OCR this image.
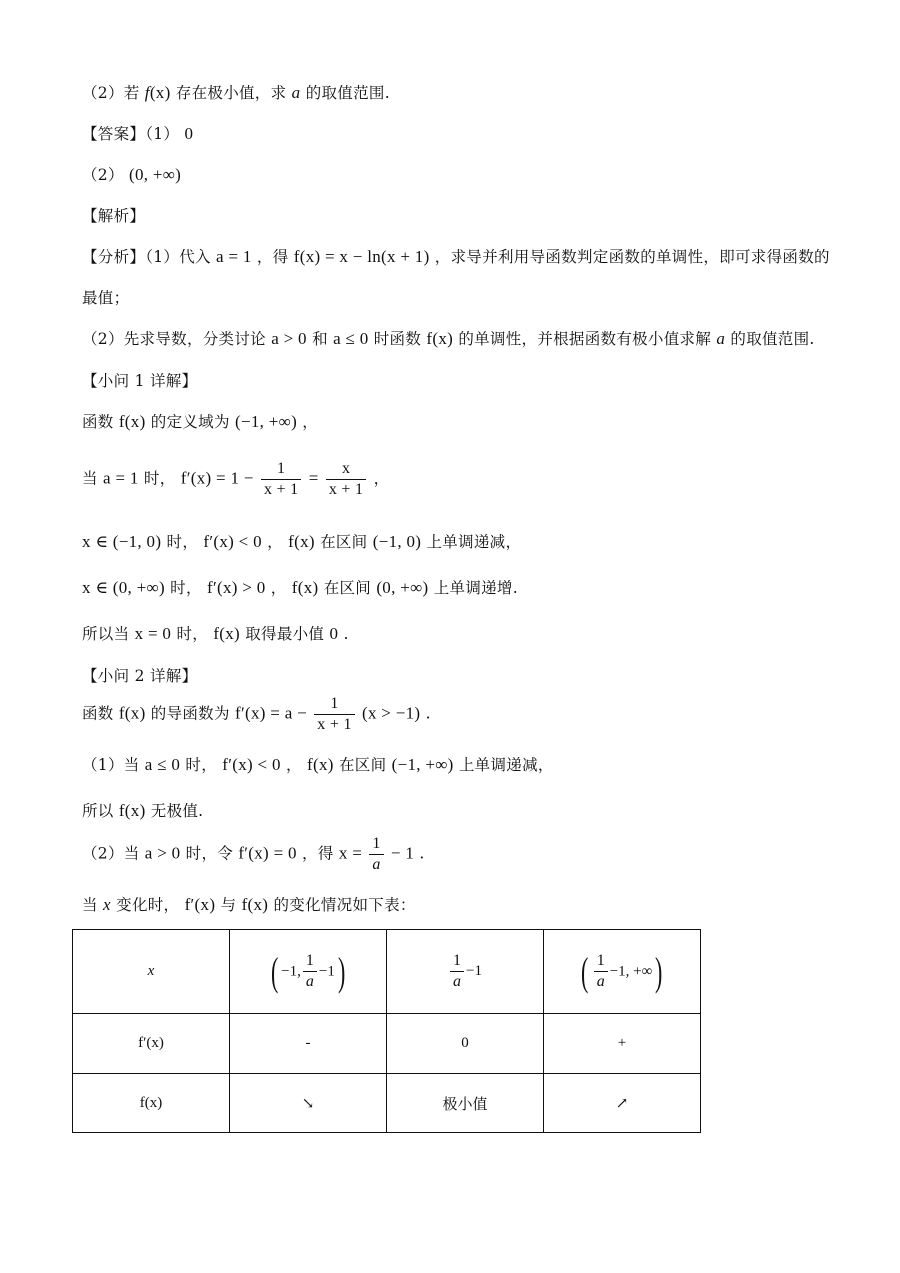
（2）若 f(x) 存在极小值，求 a 的取值范围.
【答案】（1） 0
（2） (0, +∞)
【解析】
【分析】（1）代入 a = 1 ，得 f(x) = x − ln(x + 1) ，求导并利用导函数判定函数的单调性，即可求得函数的
最值；
（2）先求导数，分类讨论 a > 0 和 a ≤ 0 时函数 f(x) 的单调性，并根据函数有极小值求解 a 的取值范围.
【小问 1 详解】
函数 f(x) 的定义域为 (−1, +∞) ，
当 a = 1 时， $f'(x) = 1 - \frac{1}{x + 1} = \frac{x}{x + 1}$ ，
x ∈ (−1, 0) 时， f′(x) < 0 ， f(x) 在区间 (−1, 0) 上单调递减，
x ∈ (0, +∞) 时， f′(x) > 0 ， f(x) 在区间 (0, +∞) 上单调递增.
所以当 x = 0 时， f(x) 取得最小值 0 .
【小问 2 详解】
函数 f(x) 的导函数为 $f'(x) = a - \frac{1}{x + 1} (x > -1)$ .
（1）当 a ≤ 0 时， f′(x) < 0 ， f(x) 在区间 (−1, +∞) 上单调递减，
所以 f(x) 无极值.
（2）当 a > 0 时，令 f′(x) = 0 ，得 $x = \frac{1}{a} - 1$ .
当 x 变化时， f′(x) 与 f(x) 的变化情况如下表：
x	( −1, $\frac{1}{a} -1$)	$\frac{1}{a} -1$	( $\frac{1}{a} -1$, +∞)
f′(x)	-	0	+
f(x)	↘	极小值	↗
